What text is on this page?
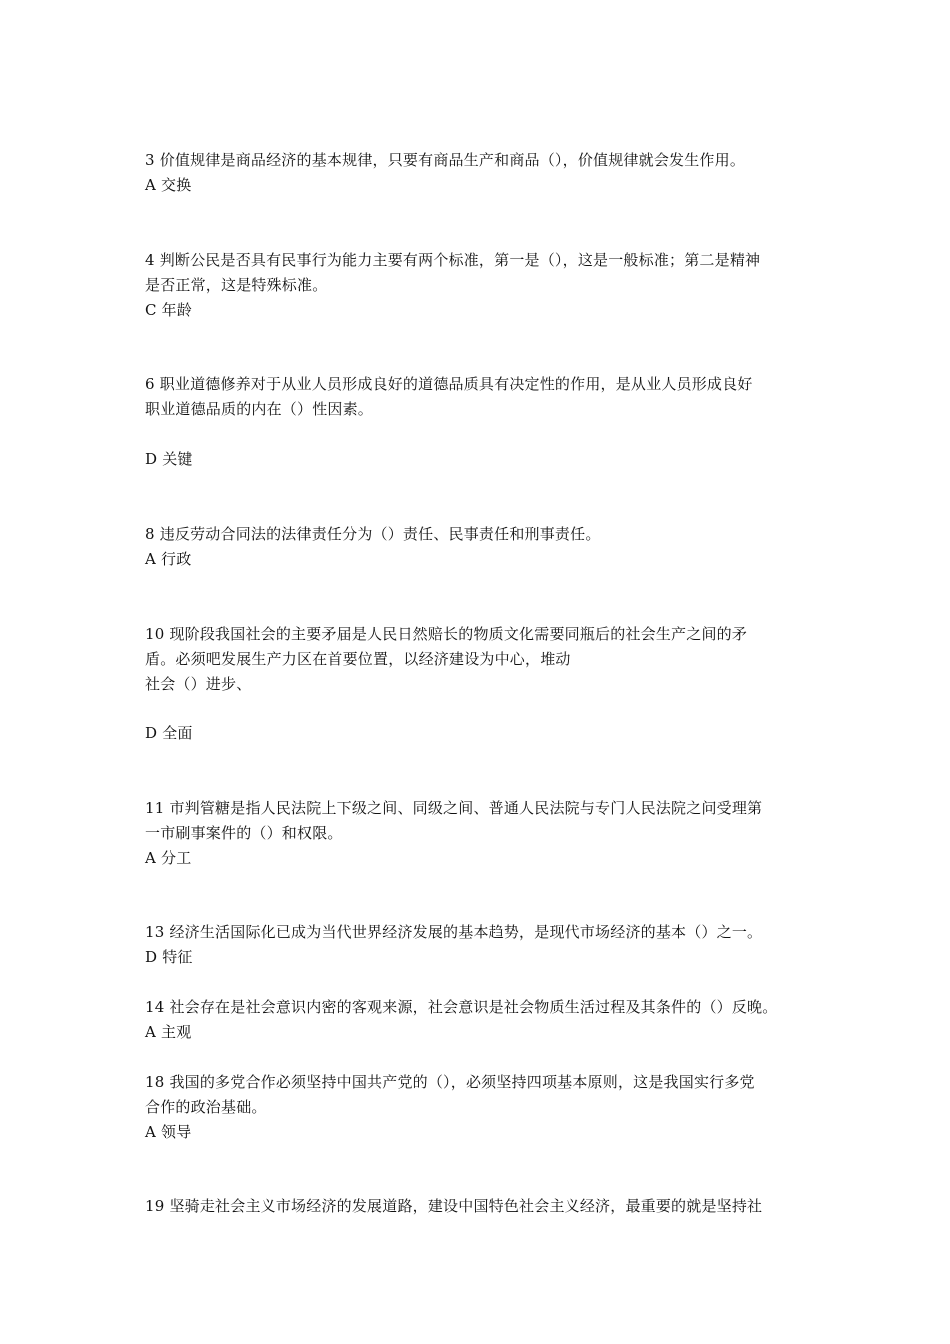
3 价值规律是商品经济的基本规律，只要有商品生产和商品（），价值规律就会发生作用。
A 交换
4 判断公民是否具有民事行为能力主要有两个标准，第一是（），这是一般标准；第二是精神
是否正常，这是特殊标准。
C 年龄
6 职业道德修养对于从业人员形成良好的道德品质具有决定性的作用，是从业人员形成良好
职业道德品质的内在（）性因素。
D 关键
8 违反劳动合同法的法律责任分为（）责任、民事责任和刑事责任。
A 行政
10 现阶段我国社会的主要矛届是人民日然赔长的物质文化需要同瓶后的社会生产之间的矛
盾。必须吧发展生产力区在首要位置，以经济建设为中心，堆动
社会（）进步、
D 全面
11 市判管糖是指人民法院上下级之间、同级之间、普通人民法院与专门人民法院之问受理第
一市刷事案件的（）和权限。
A 分工
13 经济生活国际化已成为当代世界经济发展的基本趋势，是现代市场经济的基本（）之一。
D 特征
14 社会存在是社会意识内密的客观来源，社会意识是社会物质生活过程及其条件的（）反晚。
A 主观
18 我国的多党合作必须坚持中国共产党的（），必须坚持四项基本原则，这是我国实行多党
合作的政治基础。
A 领导
19 坚骑走社会主义市场经济的发展道路，建设中国特色社会主义经济，最重要的就是坚持社
